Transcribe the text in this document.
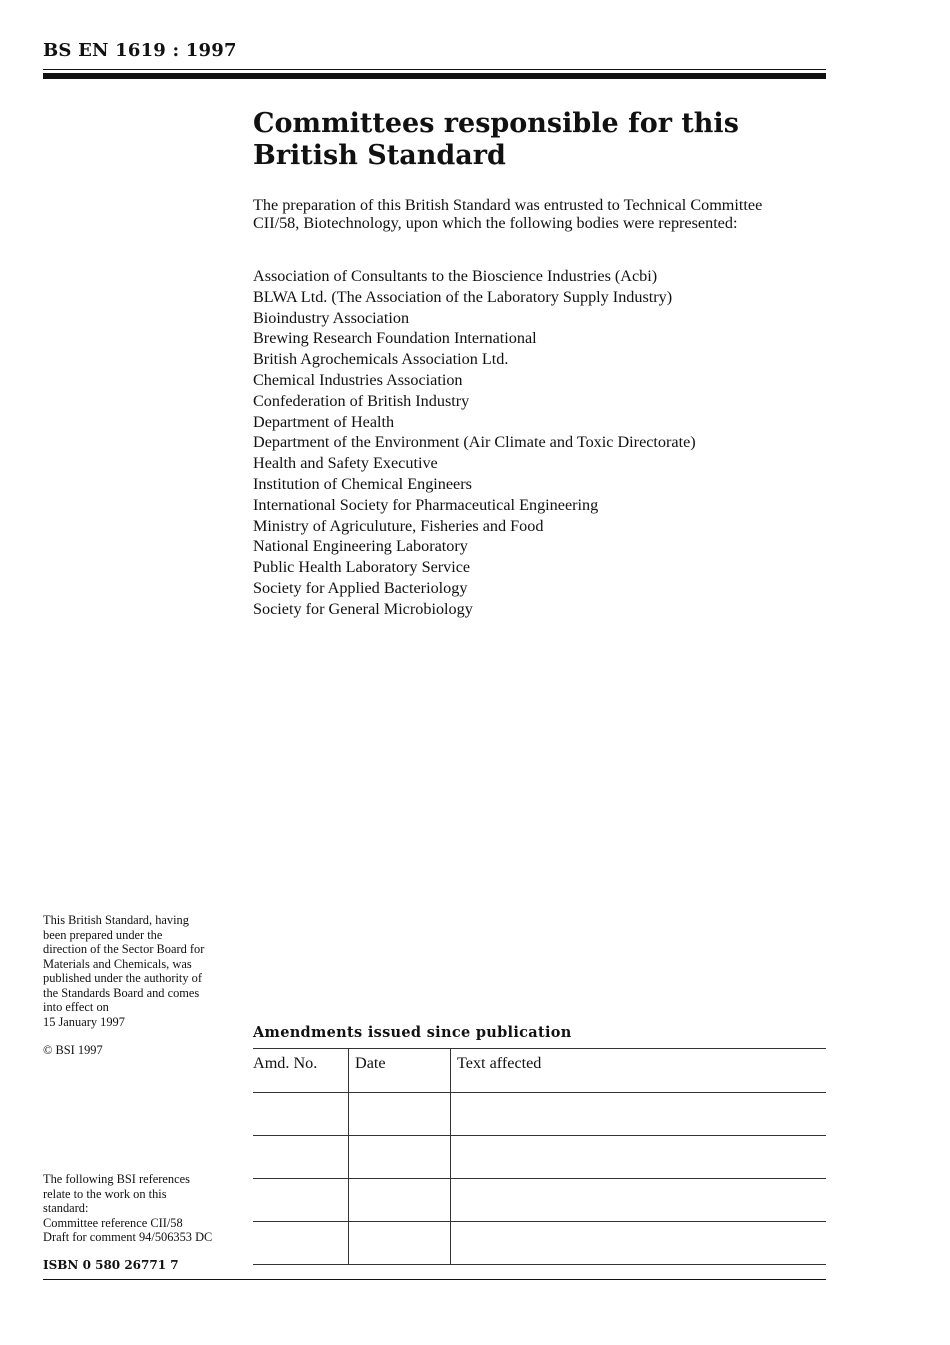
BS EN 1619 : 1997
Committees responsible for this
British Standard

The preparation of this British Standard was entrusted to Technical Committee
CII/58, Biotechnology, upon which the following bodies were represented:

Association of Consultants to the Bioscience Industries (Acbi)
BLWA Ltd. (The Association of the Laboratory Supply Industry)
Bioindustry Association
Brewing Research Foundation International
British Agrochemicals Association Ltd.
Chemical Industries Association
Confederation of British Industry
Department of Health
Department of the Environment (Air Climate and Toxic Directorate)
Health and Safety Executive
Institution of Chemical Engineers
International Society for Pharmaceutical Engineering
Ministry of Agriculuture, Fisheries and Food
National Engineering Laboratory
Public Health Laboratory Service
Society for Applied Bacteriology
Society for General Microbiology

This British Standard, having
been prepared under the
direction of the Sector Board for
Materials and Chemicals, was
published under the authority of
the Standards Board and comes
into effect on
15 January 1997

© BSI 1997

The following BSI references
relate to the work on this
standard:
Committee reference CII/58
Draft for comment 94/506353 DC

ISBN 0 580 26771 7
Amendments issued since publication
Amd. No.	Date	Text affected
